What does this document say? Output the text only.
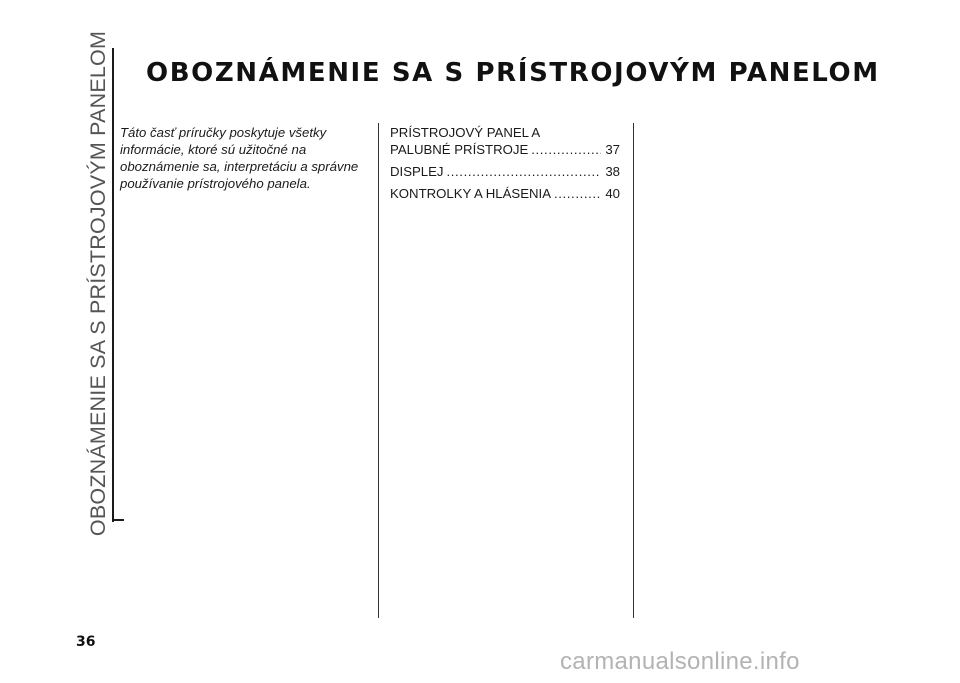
OBOZNÁMENIE SA S PRÍSTROJOVÝM PANELOM OBOZNÁMENIE SA S PRÍSTROJOVÝM PANELOM

Táto časť príručky poskytuje všetky informácie, ktoré sú užitočné na oboznámenie sa, interpretáciu a správne používanie prístrojového panela.

PRÍSTROJOVÝ PANEL A
PALUBNÉ PRÍSTROJE .....	37
DISPLEJ .....	38
KONTROLKY A HLÁSENIA .....	40
36
carmanualsonline.info
